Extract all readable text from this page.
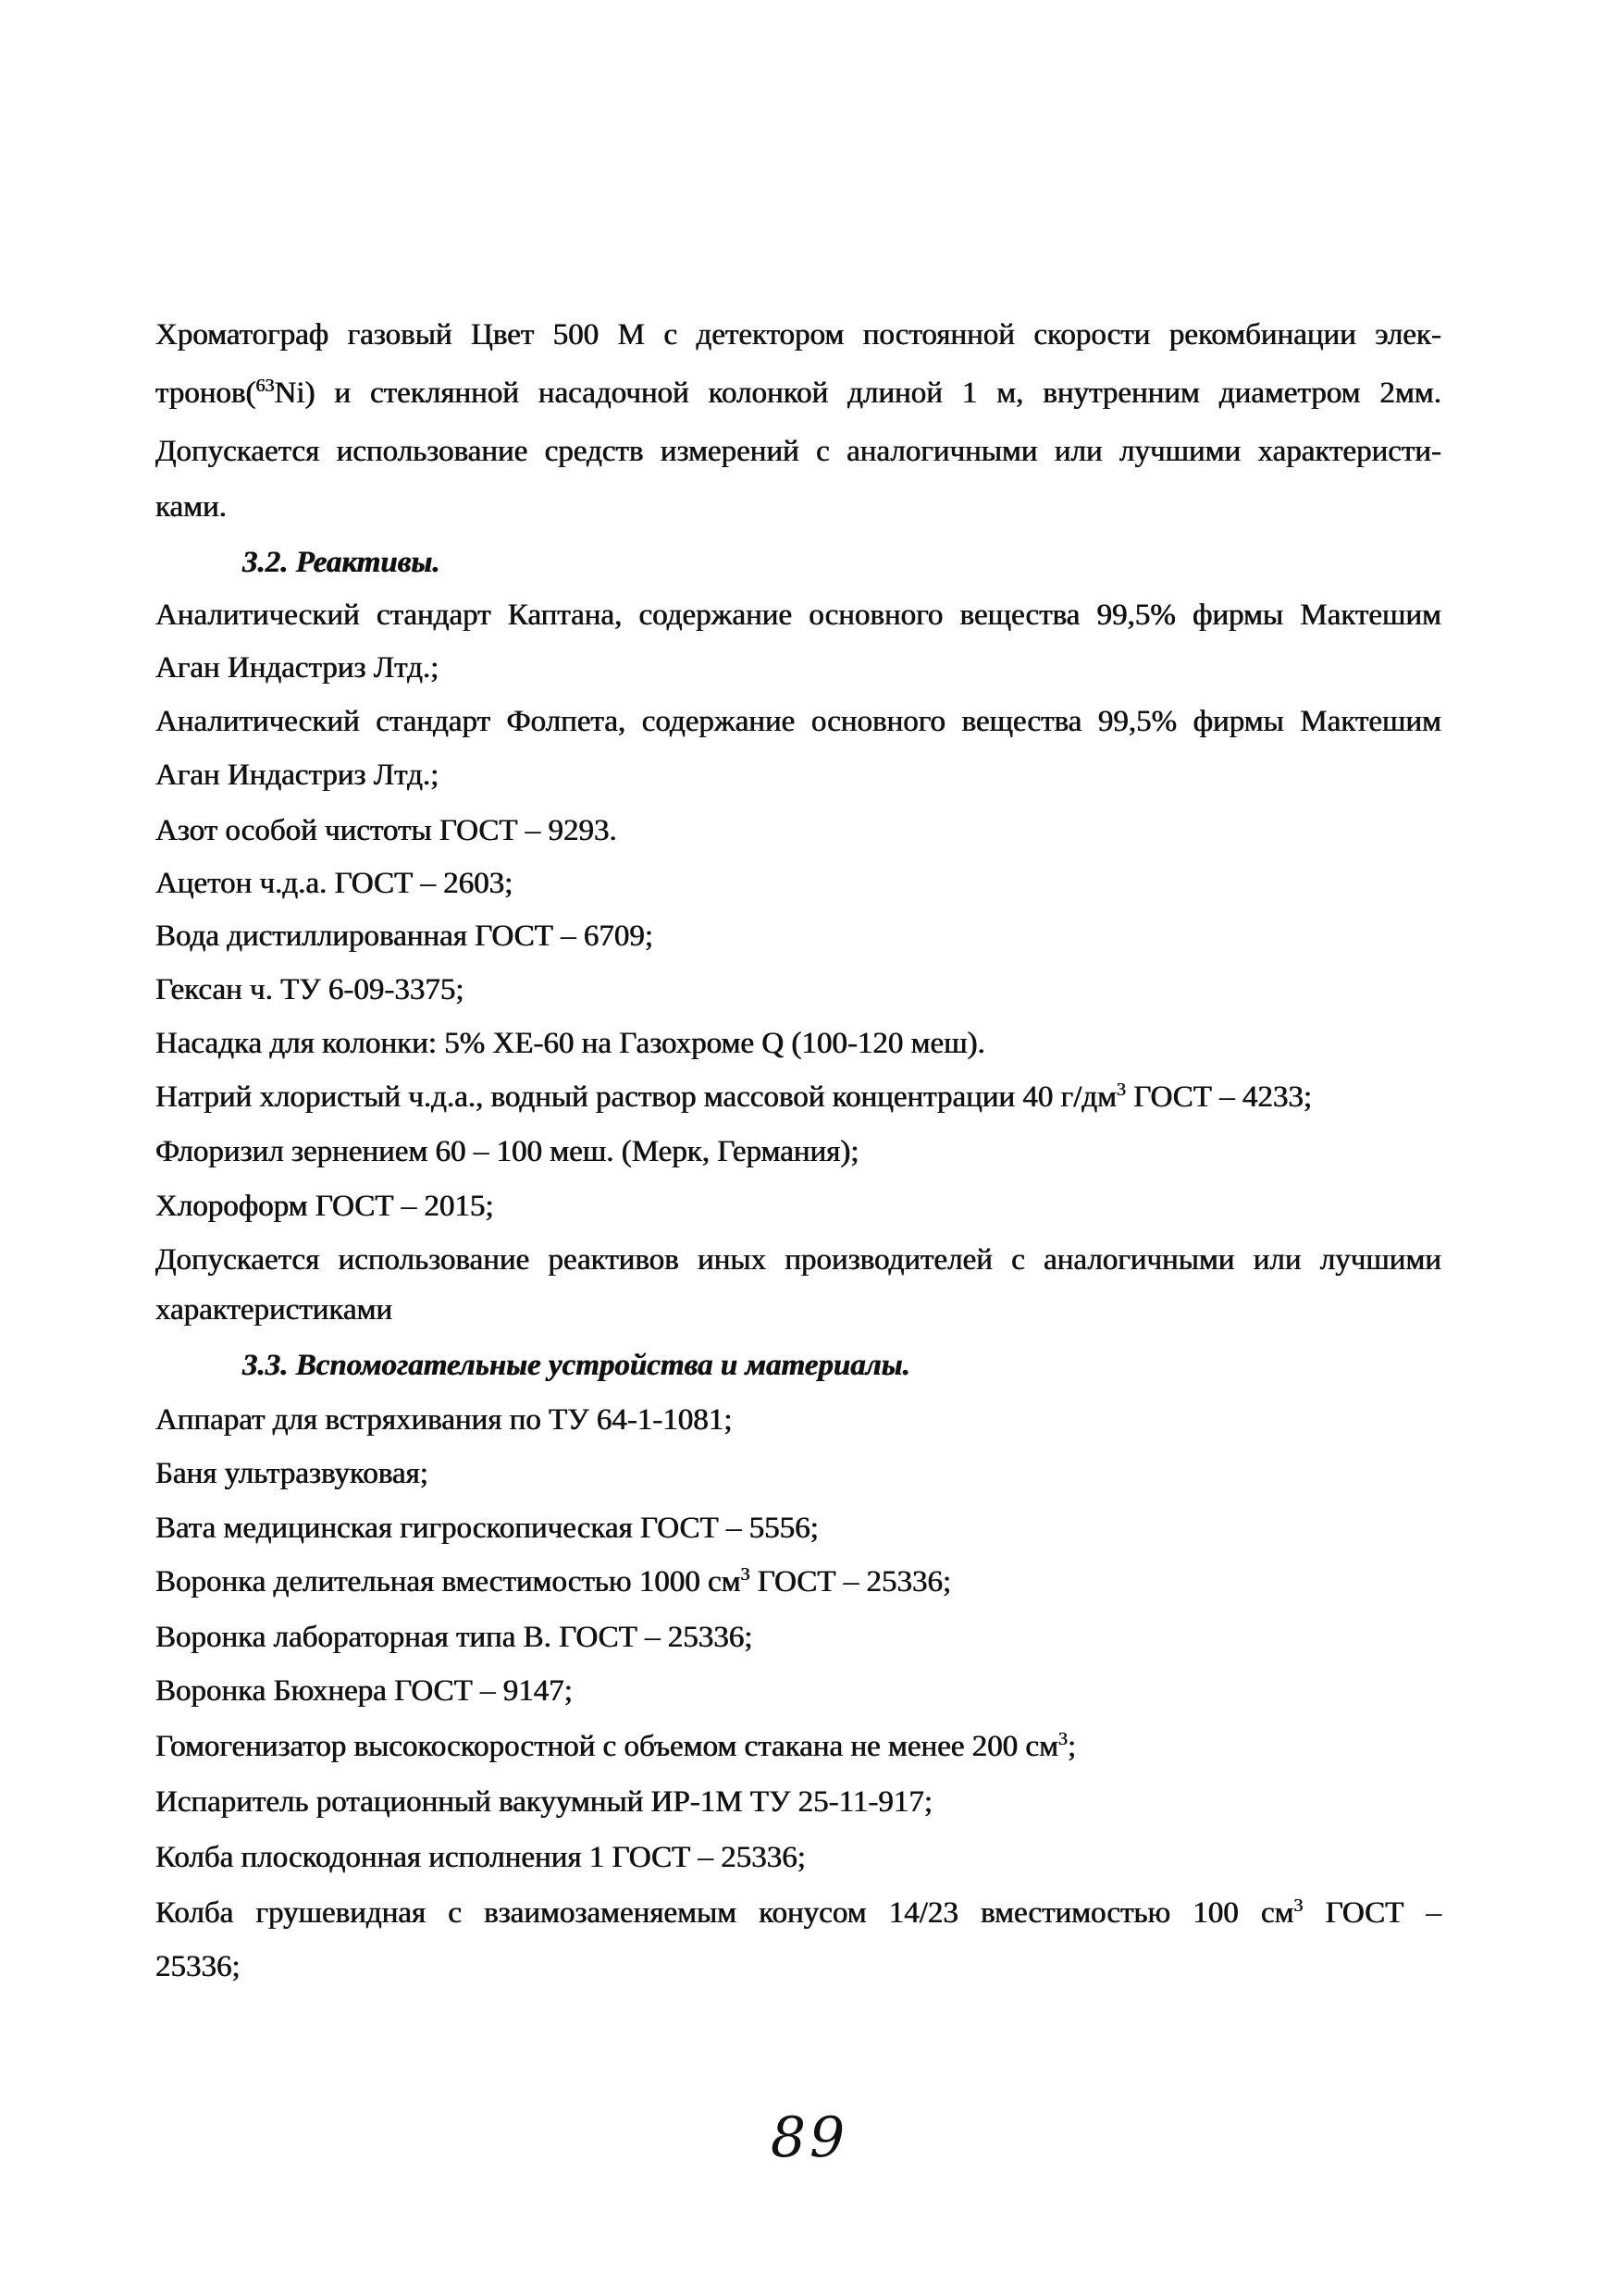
Хроматограф газовый Цвет 500 М с детектором постоянной скорости рекомбинации элек-
тронов($^{63}$Ni) и стеклянной насадочной колонкой длиной 1 м, внутренним диаметром 2мм.
Допускается использование средств измерений с аналогичными или лучшими характеристи-
ками.
3.2. Реактивы.
Аналитический стандарт Каптана, содержание основного вещества 99,5% фирмы Мактешим
Аган Индастриз Лтд.;
Аналитический стандарт Фолпета, содержание основного вещества 99,5% фирмы Мактешим
Аган Индастриз Лтд.;
Азот особой чистоты ГОСТ – 9293.
Ацетон ч.д.а. ГОСТ – 2603;
Вода дистиллированная ГОСТ – 6709;
Гексан ч. ТУ 6-09-3375;
Насадка для колонки: 5% XE-60 на Газохроме Q (100-120 меш).
Натрий хлористый ч.д.а., водный раствор массовой концентрации 40 $г/дм^3$ ГОСТ – 4233;
Флоризил зернением 60 – 100 меш. (Мерк, Германия);
Хлороформ ГОСТ – 2015;
Допускается использование реактивов иных производителей с аналогичными или лучшими
характеристиками
3.3. Вспомогательные устройства и материалы.
Аппарат для встряхивания по ТУ 64-1-1081;
Баня ультразвуковая;
Вата медицинская гигроскопическая ГОСТ – 5556;
Воронка делительная вместимостью 1000 $см^3$ ГОСТ – 25336;
Воронка лабораторная типа В. ГОСТ – 25336;
Воронка Бюхнера ГОСТ – 9147;
Гомогенизатор высокоскоростной с объемом стакана не менее 200 $см^3$;
Испаритель ротационный вакуумный ИР-1М ТУ 25-11-917;
Колба плоскодонная исполнения 1 ГОСТ – 25336;
Колба грушевидная с взаимозаменяемым конусом 14/23 вместимостью 100 $см^3$ ГОСТ –
25336;
89
